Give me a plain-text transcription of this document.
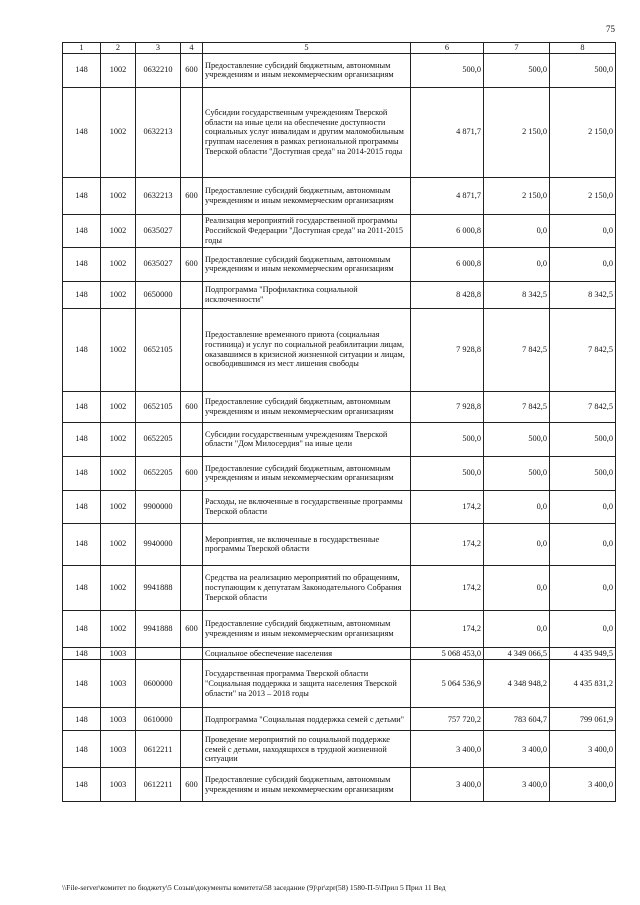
75
1	2	3	4	5	6	7	8
148	1002	0632210	600	Предоставление субсидий бюджетным, автономным учреждениям и иным некоммерческим организациям	500,0	500,0	500,0
148	1002	0632213		Субсидии государственным учреждениям Тверской области на иные цели на обеспечение доступности социальных услуг инвалидам и другим маломобильным группам населения в рамках региональной программы Тверской области "Доступная среда" на 2014-2015 годы	4 871,7	2 150,0	2 150,0
148	1002	0632213	600	Предоставление субсидий бюджетным, автономным учреждениям и иным некоммерческим организациям	4 871,7	2 150,0	2 150,0
148	1002	0635027		Реализация мероприятий государственной программы Российской Федерации "Доступная среда" на 2011-2015 годы	6 000,8	0,0	0,0
148	1002	0635027	600	Предоставление субсидий бюджетным, автономным учреждениям и иным некоммерческим организациям	6 000,8	0,0	0,0
148	1002	0650000		Подпрограмма "Профилактика социальной исключенности"	8 428,8	8 342,5	8 342,5
148	1002	0652105		Предоставление временного приюта (социальная гостиница) и услуг по социальной реабилитации лицам, оказавшимся в кризисной жизненной ситуации и лицам, освободившимся из мест лишения свободы	7 928,8	7 842,5	7 842,5
148	1002	0652105	600	Предоставление субсидий бюджетным, автономным учреждениям и иным некоммерческим организациям	7 928,8	7 842,5	7 842,5
148	1002	0652205		Субсидии государственным учреждениям Тверской области "Дом Милосердия" на иные цели	500,0	500,0	500,0
148	1002	0652205	600	Предоставление субсидий бюджетным, автономным учреждениям и иным некоммерческим организациям	500,0	500,0	500,0
148	1002	9900000		Расходы, не включенные в государственные программы Тверской области	174,2	0,0	0,0
148	1002	9940000		Мероприятия, не включенные в государственные программы Тверской области	174,2	0,0	0,0
148	1002	9941888		Средства на реализацию мероприятий по обращениям, поступающим к депутатам Законодательного Собрания Тверской области	174,2	0,0	0,0
148	1002	9941888	600	Предоставление субсидий бюджетным, автономным учреждениям и иным некоммерческим организациям	174,2	0,0	0,0
148	1003			Социальное обеспечение населения	5 068 453,0	4 349 066,5	4 435 949,5
148	1003	0600000		Государственная программа Тверской области "Социальная поддержка и защита населения Тверской области" на 2013 – 2018 годы	5 064 536,9	4 348 948,2	4 435 831,2
148	1003	0610000		Подпрограмма "Социальная поддержка семей с детьми"	757 720,2	783 604,7	799 061,9
148	1003	0612211		Проведение мероприятий по социальной поддержке семей с детьми, находящихся в трудной жизненной ситуации	3 400,0	3 400,0	3 400,0
148	1003	0612211	600	Предоставление субсидий бюджетным, автономным учреждениям и иным некоммерческим организациям	3 400,0	3 400,0	3 400,0
\\File-server\комитет по бюджету\5 Созыв\документы комитета\58 заседание (9)\pr\zpr(58) 1580-П-5\Прил 5 Прил 11 Вед
